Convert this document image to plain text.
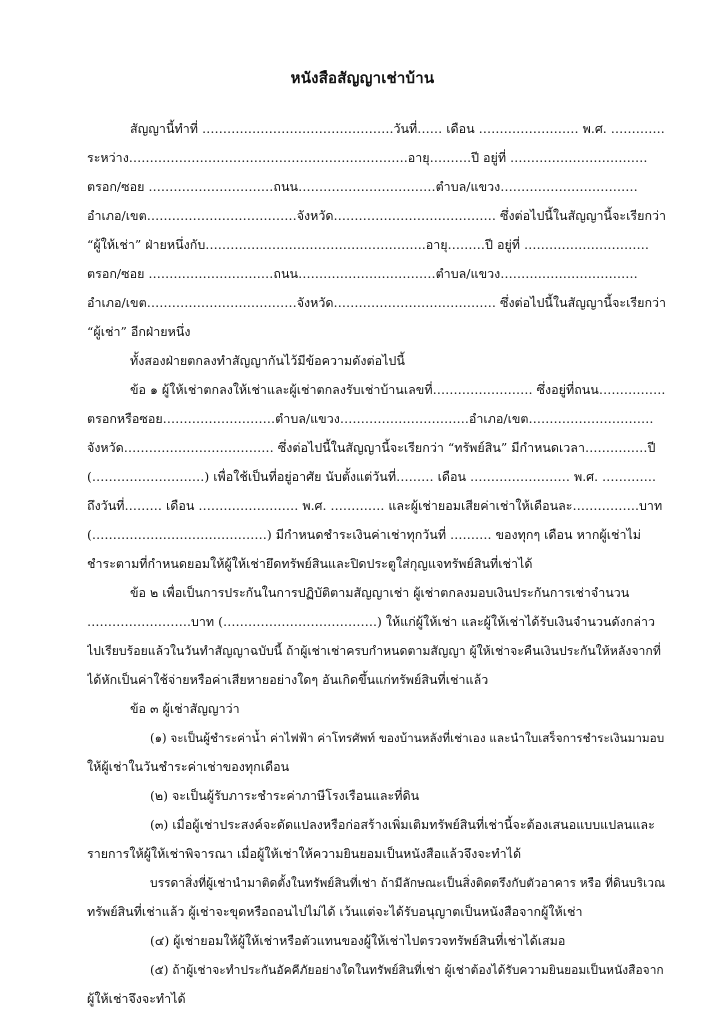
หนังสือสัญญาเช่าบ้าน
สัญญานี้ทำที่ ……………………………………….วันที่…… เดือน …………………… พ.ศ. ………….
ระหว่าง………………………………………………………….อายุ……….ปี อยู่ที่ ……………………………
ตรอก/ซอย …………………………ถนน……………………………ตำบล/แขวง……………………………
อำเภอ/เขต………………………………จังหวัด………………………………… ซึ่งต่อไปนี้ในสัญญานี้จะเรียกว่า
“ผู้ให้เช่า” ฝ่ายหนึ่งกับ……………………………………………..อายุ………ปี อยู่ที่ …………………………
ตรอก/ซอย …………………………ถนน……………………………ตำบล/แขวง……………………………
อำเภอ/เขต………………………………จังหวัด………………………………… ซึ่งต่อไปนี้ในสัญญานี้จะเรียกว่า
“ผู้เช่า” อีกฝ่ายหนึ่ง
ทั้งสองฝ่ายตกลงทำสัญญากันไว้มีข้อความดังต่อไปนี้
ข้อ ๑ ผู้ให้เช่าตกลงให้เช่าและผู้เช่าตกลงรับเช่าบ้านเลขที่…………………… ซึ่งอยู่ที่ถนน…………….
ตรอกหรือซอย………………………ตำบล/แขวง………………………….อำเภอ/เขต…………………………
จังหวัด……………………………… ซึ่งต่อไปนี้ในสัญญานี้จะเรียกว่า “ทรัพย์สิน” มีกำหนดเวลา……………ปี
(………………………) เพื่อใช้เป็นที่อยู่อาศัย นับตั้งแต่วันที่……… เดือน …………………… พ.ศ. ………….
ถึงวันที่……… เดือน …………………… พ.ศ. …………. และผู้เช่ายอมเสียค่าเช่าให้เดือนละ…………….บาท
(……………………………………) มีกำหนดชำระเงินค่าเช่าทุกวันที่ ………. ของทุกๆ เดือน หากผู้เช่าไม่
ชำระตามที่กำหนดยอมให้ผู้ให้เช่ายึดทรัพย์สินและปิดประตูใส่กุญแจทรัพย์สินที่เช่าได้
ข้อ ๒ เพื่อเป็นการประกันในการปฏิบัติตามสัญญาเช่า ผู้เช่าตกลงมอบเงินประกันการเช่าจำนวน
…………………….บาท (……………………………….) ให้แก่ผู้ให้เช่า และผู้ให้เช่าได้รับเงินจำนวนดังกล่าว
ไปเรียบร้อยแล้วในวันทำสัญญาฉบับนี้ ถ้าผู้เช่าเช่าครบกำหนดตามสัญญา ผู้ให้เช่าจะคืนเงินประกันให้หลังจากที่
ได้หักเป็นค่าใช้จ่ายหรือค่าเสียหายอย่างใดๆ อันเกิดขึ้นแก่ทรัพย์สินที่เช่าแล้ว
ข้อ ๓ ผู้เช่าสัญญาว่า
(๑) จะเป็นผู้ชำระค่าน้ำ ค่าไฟฟ้า ค่าโทรศัพท์ ของบ้านหลังที่เช่าเอง และนำใบเสร็จการชำระเงินมามอบ
ให้ผู้เช่าในวันชำระค่าเช่าของทุกเดือน
(๒) จะเป็นผู้รับภาระชำระค่าภาษีโรงเรือนและที่ดิน
(๓) เมื่อผู้เช่าประสงค์จะดัดแปลงหรือก่อสร้างเพิ่มเติมทรัพย์สินที่เช่านี้จะต้องเสนอแบบแปลนและ
รายการให้ผู้ให้เช่าพิจารณา เมื่อผู้ให้เช่าให้ความยินยอมเป็นหนังสือแล้วจึงจะทำได้
บรรดาสิ่งที่ผู้เช่านำมาติดตั้งในทรัพย์สินที่เช่า ถ้ามีลักษณะเป็นสิ่งติดตรึงกับตัวอาคาร หรือ ที่ดินบริเวณ
ทรัพย์สินที่เช่าแล้ว ผู้เช่าจะขุดหรือถอนไปไม่ได้ เว้นแต่จะได้รับอนุญาตเป็นหนังสือจากผู้ให้เช่า
(๔) ผู้เช่ายอมให้ผู้ให้เช่าหรือตัวแทนของผู้ให้เช่าไปตรวจทรัพย์สินที่เช่าได้เสมอ
(๕) ถ้าผู้เช่าจะทำประกันอัคคีภัยอย่างใดในทรัพย์สินที่เช่า ผู้เช่าต้องได้รับความยินยอมเป็นหนังสือจาก
ผู้ให้เช่าจึงจะทำได้
